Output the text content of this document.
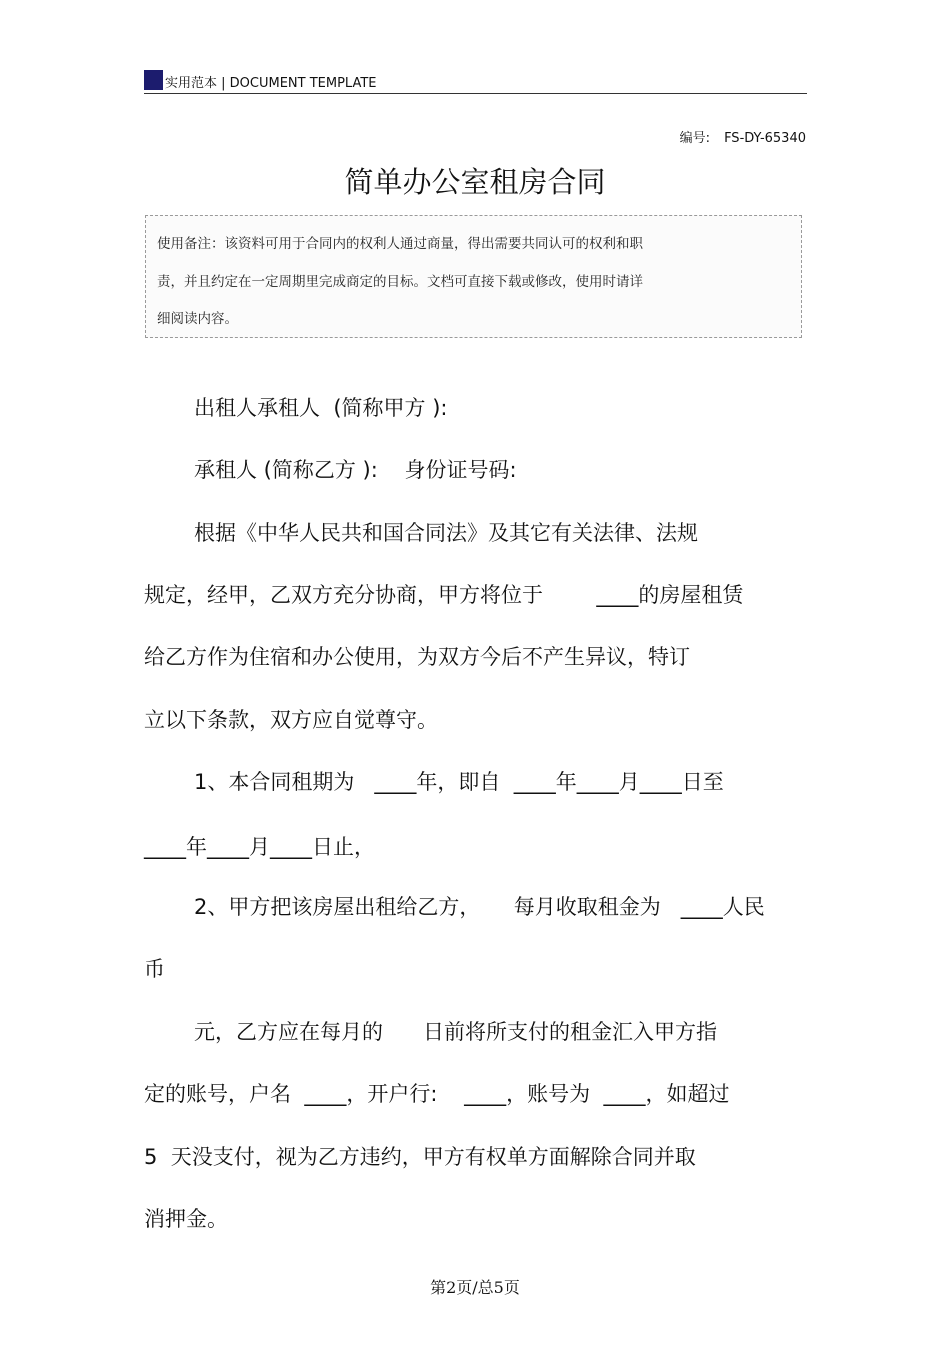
实用范本 | DOCUMENT TEMPLATE
编号: FS-DY-65340
简单办公室租房合同
使用备注：该资料可用于合同内的权利人通过商量，得出需要共同认可的权利和职
责，并且约定在一定周期里完成商定的目标。文档可直接下载或修改，使用时请详
细阅读内容。
出租人承租人  (简称甲方 ):
承租人 (简称乙方 ):    身份证号码:
根据《中华人民共和国合同法》及其它有关法律、法规
规定，经甲，乙双方充分协商，甲方将位于        ____的房屋租赁
给乙方作为住宿和办公使用，为双方今后不产生异议，特订
立以下条款，双方应自觉尊守。
1、本合同租期为   ____年，即自  ____年____月____日至
____年____月____日止，
2、甲方把该房屋出租给乙方，     每月收取租金为   ____人民
币
元，乙方应在每月的      日前将所支付的租金汇入甲方指
定的账号，户名  ____，开户行:    ____，账号为  ____，如超过
5  天没支付，视为乙方违约，甲方有权单方面解除合同并取
消押金。
第2页/总5页
